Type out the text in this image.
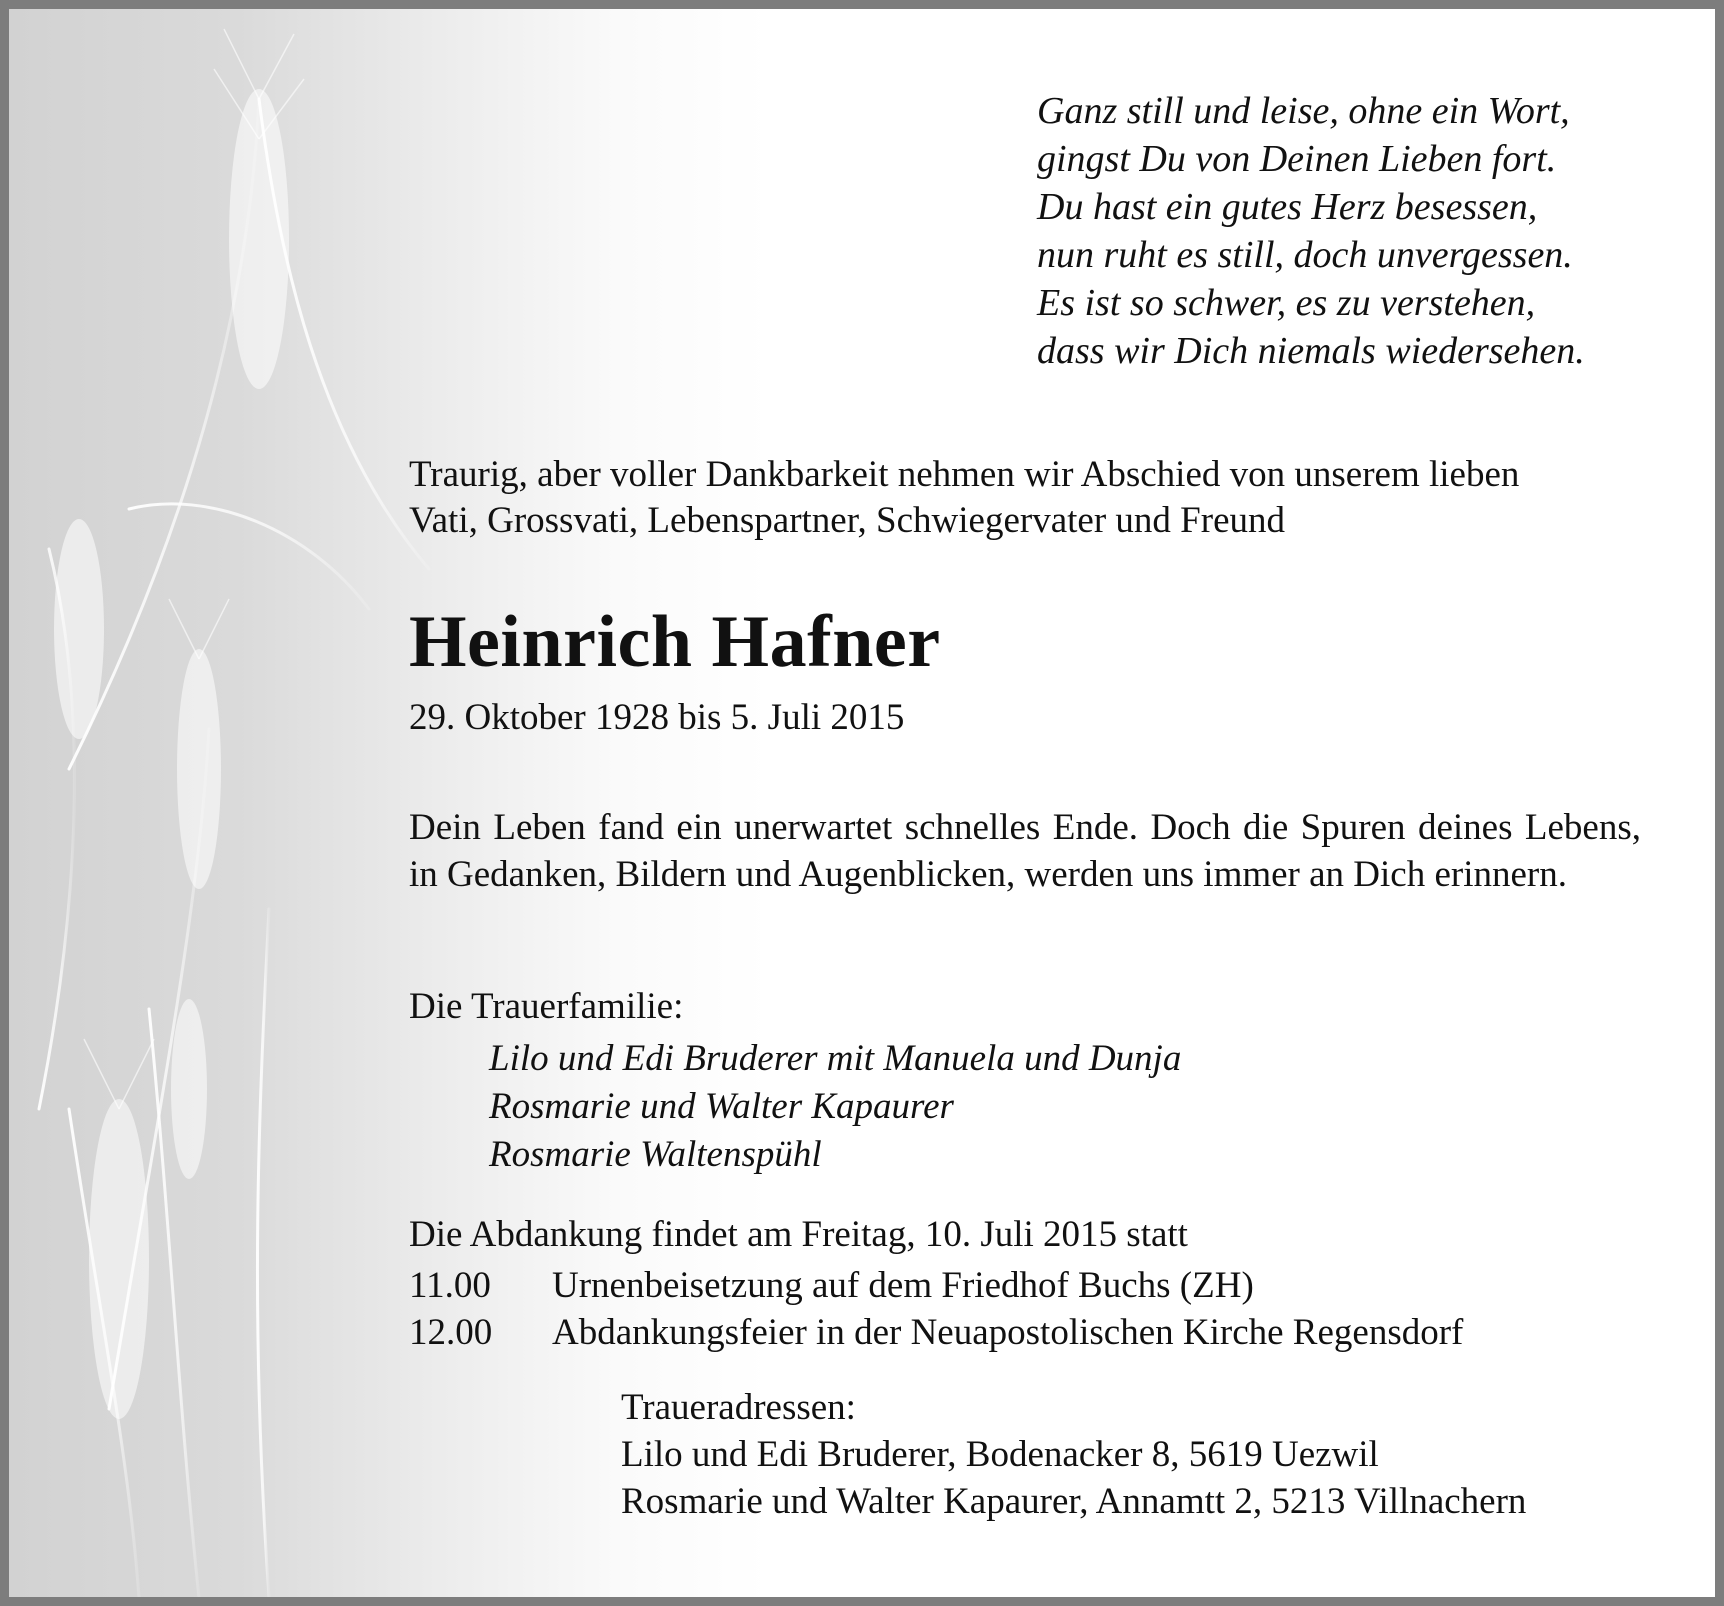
Ganz still und leise, ohne ein Wort,
gingst Du von Deinen Lieben fort.
Du hast ein gutes Herz besessen,
nun ruht es still, doch unvergessen.
Es ist so schwer, es zu verstehen,
dass wir Dich niemals wiedersehen.
Traurig, aber voller Dankbarkeit nehmen wir Abschied von unserem lieben
Vati, Grossvati, Lebenspartner, Schwiegervater und Freund
Heinrich Hafner
29. Oktober 1928 bis 5. Juli 2015
Dein Leben fand ein unerwartet schnelles Ende. Doch die Spuren deines Lebens, in Gedanken, Bildern und Augenblicken, werden uns immer an Dich erinnern.
Die Trauerfamilie:
Lilo und Edi Bruderer mit Manuela und Dunja
Rosmarie und Walter Kapaurer
Rosmarie Waltenspühl
Die Abdankung findet am Freitag, 10. Juli 2015 statt
11.00 Urnenbeisetzung auf dem Friedhof Buchs (ZH)
12.00 Abdankungsfeier in der Neuapostolischen Kirche Regensdorf
Traueradressen:
Lilo und Edi Bruderer, Bodenacker 8, 5619 Uezwil
Rosmarie und Walter Kapaurer, Annamtt 2, 5213 Villnachern
